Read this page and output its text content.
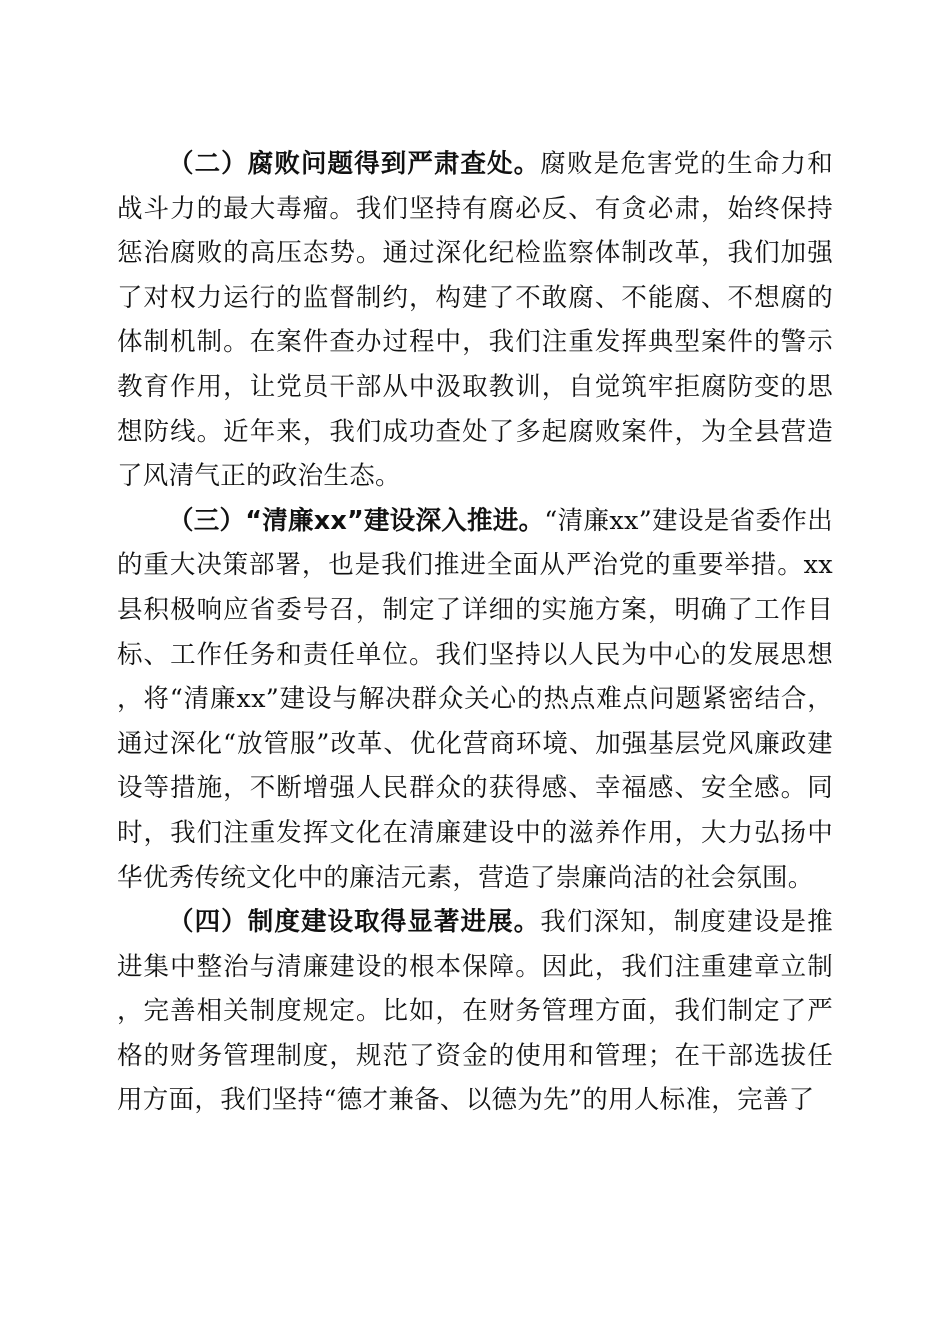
（二）腐败问题得到严肃查处。腐败是危害党的生命力和战斗力的最大毒瘤。我们坚持有腐必反、有贪必肃，始终保持惩治腐败的高压态势。通过深化纪检监察体制改革，我们加强了对权力运行的监督制约，构建了不敢腐、不能腐、不想腐的体制机制。在案件查办过程中，我们注重发挥典型案件的警示教育作用，让党员干部从中汲取教训，自觉筑牢拒腐防变的思想防线。近年来，我们成功查处了多起腐败案件，为全县营造了风清气正的政治生态。

（三）“清廉xx”建设深入推进。“清廉xx”建设是省委作出的重大决策部署，也是我们推进全面从严治党的重要举措。xx县积极响应省委号召，制定了详细的实施方案，明确了工作目标、工作任务和责任单位。我们坚持以人民为中心的发展思想，将“清廉xx”建设与解决群众关心的热点难点问题紧密结合，通过深化“放管服”改革、优化营商环境、加强基层党风廉政建设等措施，不断增强人民群众的获得感、幸福感、安全感。同时，我们注重发挥文化在清廉建设中的滋养作用，大力弘扬中华优秀传统文化中的廉洁元素，营造了崇廉尚洁的社会氛围。

（四）制度建设取得显著进展。我们深知，制度建设是推进集中整治与清廉建设的根本保障。因此，我们注重建章立制，完善相关制度规定。比如，在财务管理方面，我们制定了严格的财务管理制度，规范了资金的使用和管理；在干部选拔任用方面，我们坚持“德才兼备、以德为先”的用人标准，完善了
